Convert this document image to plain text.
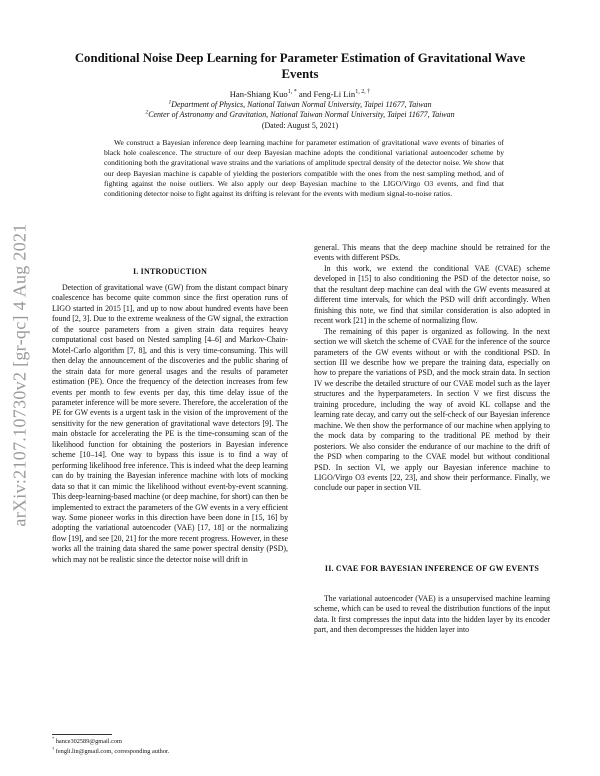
arXiv:2107.10730v2 [gr-qc] 4 Aug 2021
Conditional Noise Deep Learning for Parameter Estimation of Gravitational Wave Events
Han-Shiang Kuo$^{1, *}$ and Feng-Li Lin$^{1, 2, \dagger}$
$^1$Department of Physics, National Taiwan Normal University, Taipei 11677, Taiwan
$^2$Center of Astronomy and Gravitation, National Taiwan Normal University, Taipei 11677, Taiwan
(Dated: August 5, 2021)
We construct a Bayesian inference deep learning machine for parameter estimation of gravitational wave events of binaries of black hole coalescence. The structure of our deep Bayesian machine adopts the conditional variational autoencoder scheme by conditioning both the gravitational wave strains and the variations of amplitude spectral density of the detector noise. We show that our deep Bayesian machine is capable of yielding the posteriors compatible with the ones from the nest sampling method, and of fighting against the noise outliers. We also apply our deep Bayesian machine to the LIGO/Virgo O3 events, and find that conditioning detector noise to fight against its drifting is relevant for the events with medium signal-to-noise ratios.
I. INTRODUCTION

Detection of gravitational wave (GW) from the distant compact binary coalescence has become quite common since the first operation runs of LIGO started in 2015 [1], and up to now about hundred events have been found [2, 3]. Due to the extreme weakness of the GW signal, the extraction of the source parameters from a given strain data requires heavy computational cost based on Nested sampling [4–6] and Markov-Chain-Motel-Carlo algorithm [7, 8], and this is very time-consuming. This will then delay the announcement of the discoveries and the public sharing of the strain data for more general usages and the results of parameter estimation (PE). Once the frequency of the detection increases from few events per month to few events per day, this time delay issue of the parameter inference will be more severe. Therefore, the acceleration of the PE for GW events is a urgent task in the vision of the improvement of the sensitivity for the new generation of gravitational wave detectors [9]. The main obstacle for accelerating the PE is the time-consuming scan of the likelihood function for obtaining the posteriors in Bayesian inference scheme [10–14]. One way to bypass this issue is to find a way of performing likelihood free inference. This is indeed what the deep learning can do by training the Bayesian inference machine with lots of mocking data so that it can mimic the likelihood without event-by-event scanning. This deep-learning-based machine (or deep machine, for short) can then be implemented to extract the parameters of the GW events in a very efficient way. Some pioneer works in this direction have been done in [15, 16] by adopting the variational autoencoder (VAE) [17, 18] or the normalizing flow [19], and see [20, 21] for the more recent progress. However, in these works all the training data shared the same power spectral density (PSD), which may not be realistic since the detector noise will drift in

general. This means that the deep machine should be retrained for the events with different PSDs.

In this work, we extend the conditional VAE (CVAE) scheme developed in [15] to also conditioning the PSD of the detector noise, so that the resultant deep machine can deal with the GW events measured at different time intervals, for which the PSD will drift accordingly. When finishing this note, we find that similar consideration is also adopted in recent work [21] in the scheme of normalizing flow.

The remaining of this paper is organized as following. In the next section we will sketch the scheme of CVAE for the inference of the source parameters of the GW events without or with the conditional PSD. In section III we describe how we prepare the training data, especially on how to prepare the variations of PSD, and the mock strain data. In section IV we describe the detailed structure of our CVAE model such as the layer structures and the hyperparameters. In section V we first discuss the training procedure, including the way of avoid KL collapse and the learning rate decay, and carry out the self-check of our Bayesian inference machine. We then show the performance of our machine when applying to the mock data by comparing to the traditional PE method by their posteriors. We also consider the endurance of our machine to the drift of the PSD when comparing to the CVAE model but without conditional PSD. In section VI, we apply our Bayesian inference machine to LIGO/Virgo O3 events [22, 23], and show their performance. Finally, we conclude our paper in section VII.

II. CVAE FOR BAYESIAN INFERENCE OF GW EVENTS

The variational autoencoder (VAE) is a unsupervised machine learning scheme, which can be used to reveal the distribution functions of the input data. It first compresses the input data into the hidden layer by its encoder part, and then decompresses the hidden layer into

* hance302589@gmail.com
† fengli.lin@gmail.com, corresponding author.
